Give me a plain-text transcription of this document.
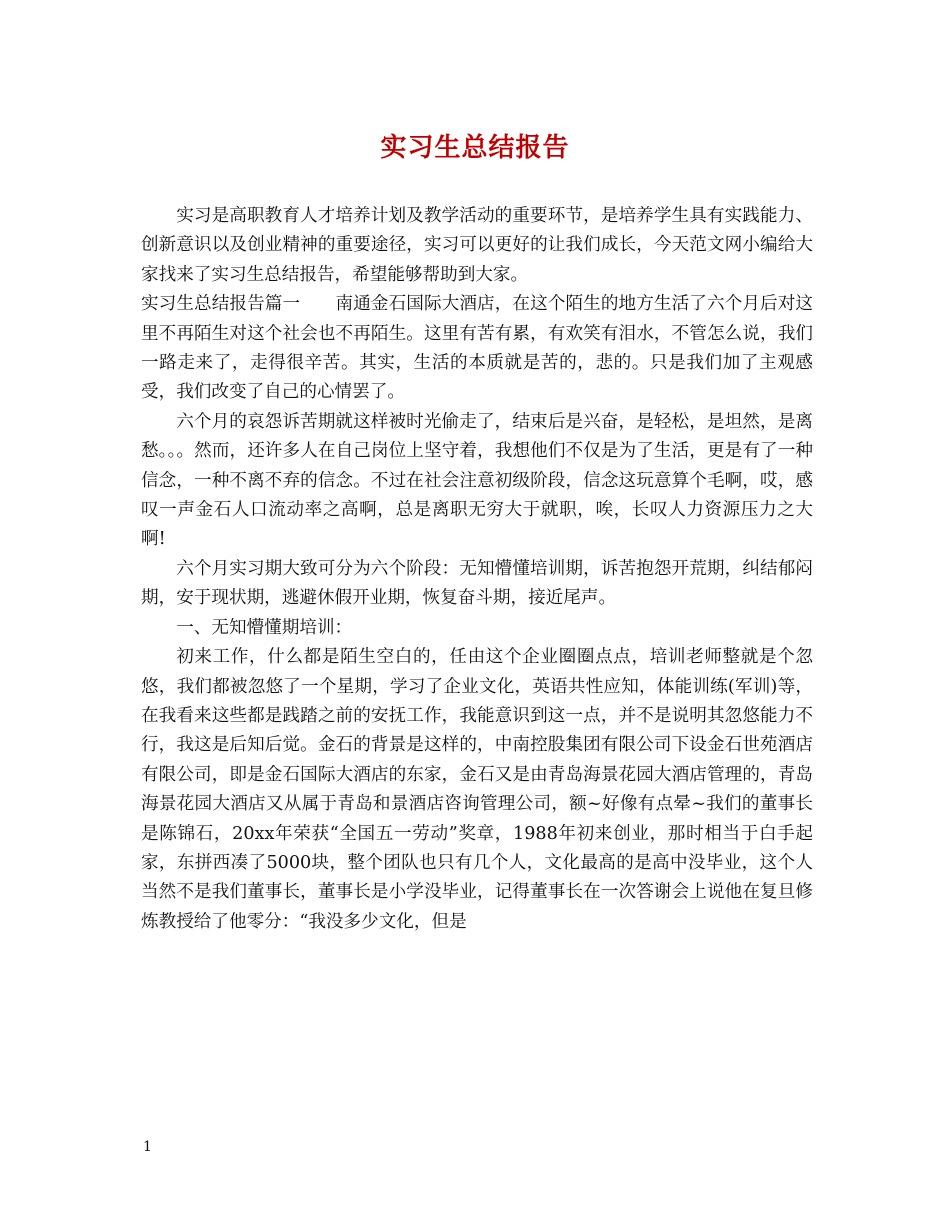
实习生总结报告

实习是高职教育人才培养计划及教学活动的重要环节，是培养学生具有实践能力、创新意识以及创业精神的重要途径，实习可以更好的让我们成长，今天范文网小编给大家找来了实习生总结报告，希望能够帮助到大家。

实习生总结报告篇一　　南通金石国际大酒店，在这个陌生的地方生活了六个月后对这里不再陌生对这个社会也不再陌生。这里有苦有累，有欢笑有泪水，不管怎么说，我们一路走来了，走得很辛苦。其实，生活的本质就是苦的，悲的。只是我们加了主观感受，我们改变了自己的心情罢了。

六个月的哀怨诉苦期就这样被时光偷走了，结束后是兴奋，是轻松，是坦然，是离愁。。。然而，还许多人在自己岗位上坚守着，我想他们不仅是为了生活，更是有了一种信念，一种不离不弃的信念。不过在社会注意初级阶段，信念这玩意算个毛啊，哎，感叹一声金石人口流动率之高啊，总是离职无穷大于就职，唉，长叹人力资源压力之大啊!

六个月实习期大致可分为六个阶段：无知懵懂培训期，诉苦抱怨开荒期，纠结郁闷期，安于现状期，逃避休假开业期，恢复奋斗期，接近尾声。

一、无知懵懂期培训：

初来工作，什么都是陌生空白的，任由这个企业圈圈点点，培训老师整就是个忽悠，我们都被忽悠了一个星期，学习了企业文化，英语共性应知，体能训练(军训)等，在我看来这些都是践踏之前的安抚工作，我能意识到这一点，并不是说明其忽悠能力不行，我这是后知后觉。金石的背景是这样的，中南控股集团有限公司下设金石世苑酒店有限公司，即是金石国际大酒店的东家，金石又是由青岛海景花园大酒店管理的，青岛海景花园大酒店又从属于青岛和景酒店咨询管理公司，额~好像有点晕~我们的董事长是陈锦石，20xx年荣获“全国五一劳动”奖章，1988年初来创业，那时相当于白手起家，东拼西凑了5000块，整个团队也只有几个人，文化最高的是高中没毕业，这个人当然不是我们董事长，董事长是小学没毕业，记得董事长在一次答谢会上说他在复旦修炼教授给了他零分：“我没多少文化，但是

1
